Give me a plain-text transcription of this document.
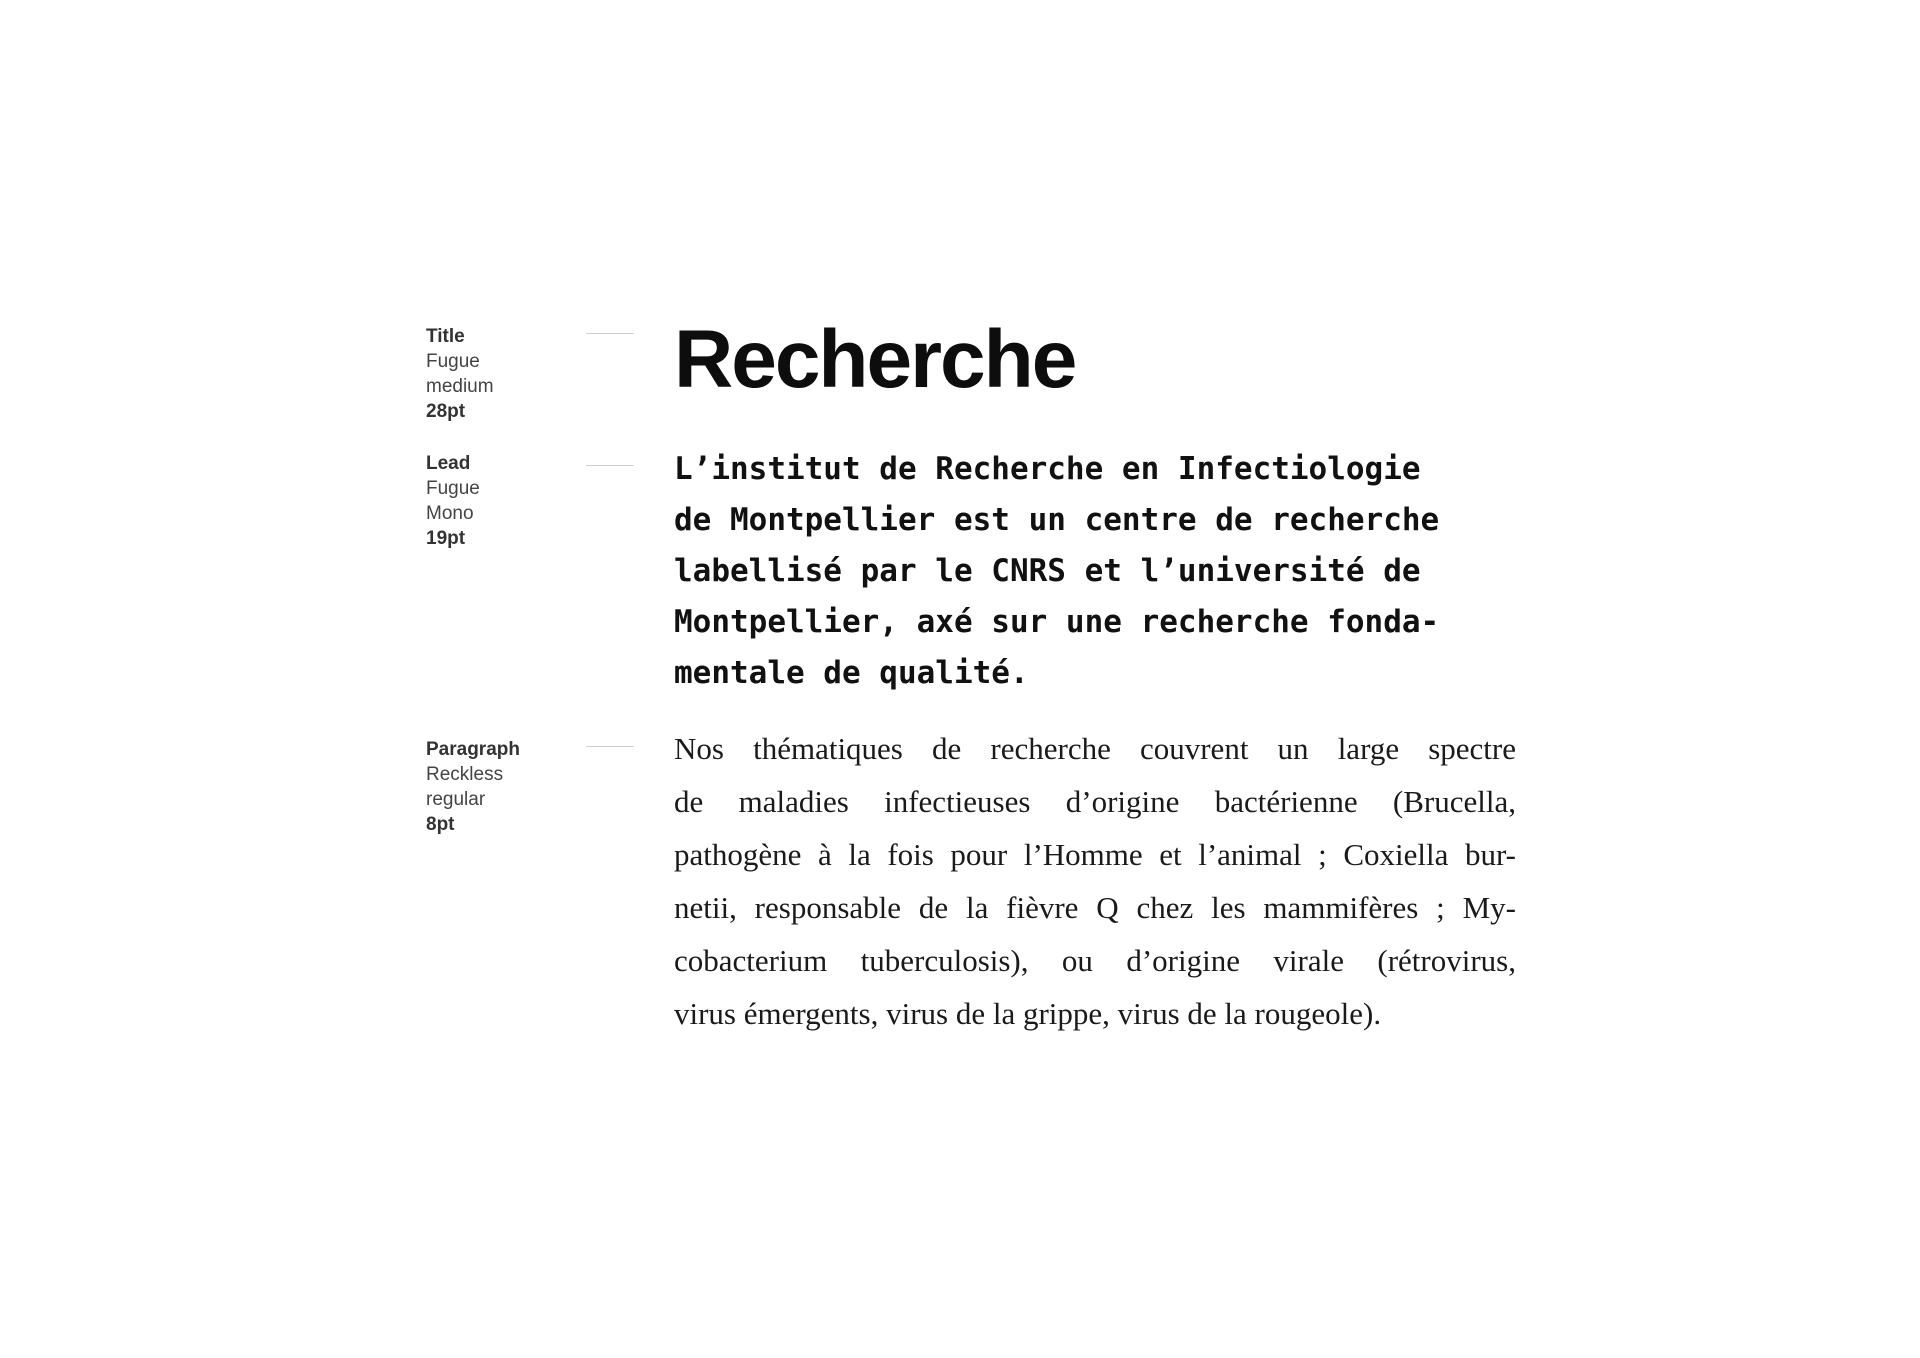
Title
Fugue
medium
28pt
Lead
Fugue
Mono
19pt
Paragraph
Reckless
regular
8pt
Recherche
L’institut de Recherche en Infectiologie
de Montpellier est un centre de recherche
labellisé par le CNRS et l’université de
Montpellier, axé sur une recherche fonda-
mentale de qualité.
Nos thématiques de recherche couvrent un large spectre
de maladies infectieuses d’origine bactérienne (Brucella,
pathogène à la fois pour l’Homme et l’animal ; Coxiella bur-
netii, responsable de la fièvre Q chez les mammifères ; My-
cobacterium tuberculosis), ou d’origine virale (rétrovirus,
virus émergents, virus de la grippe, virus de la rougeole).
